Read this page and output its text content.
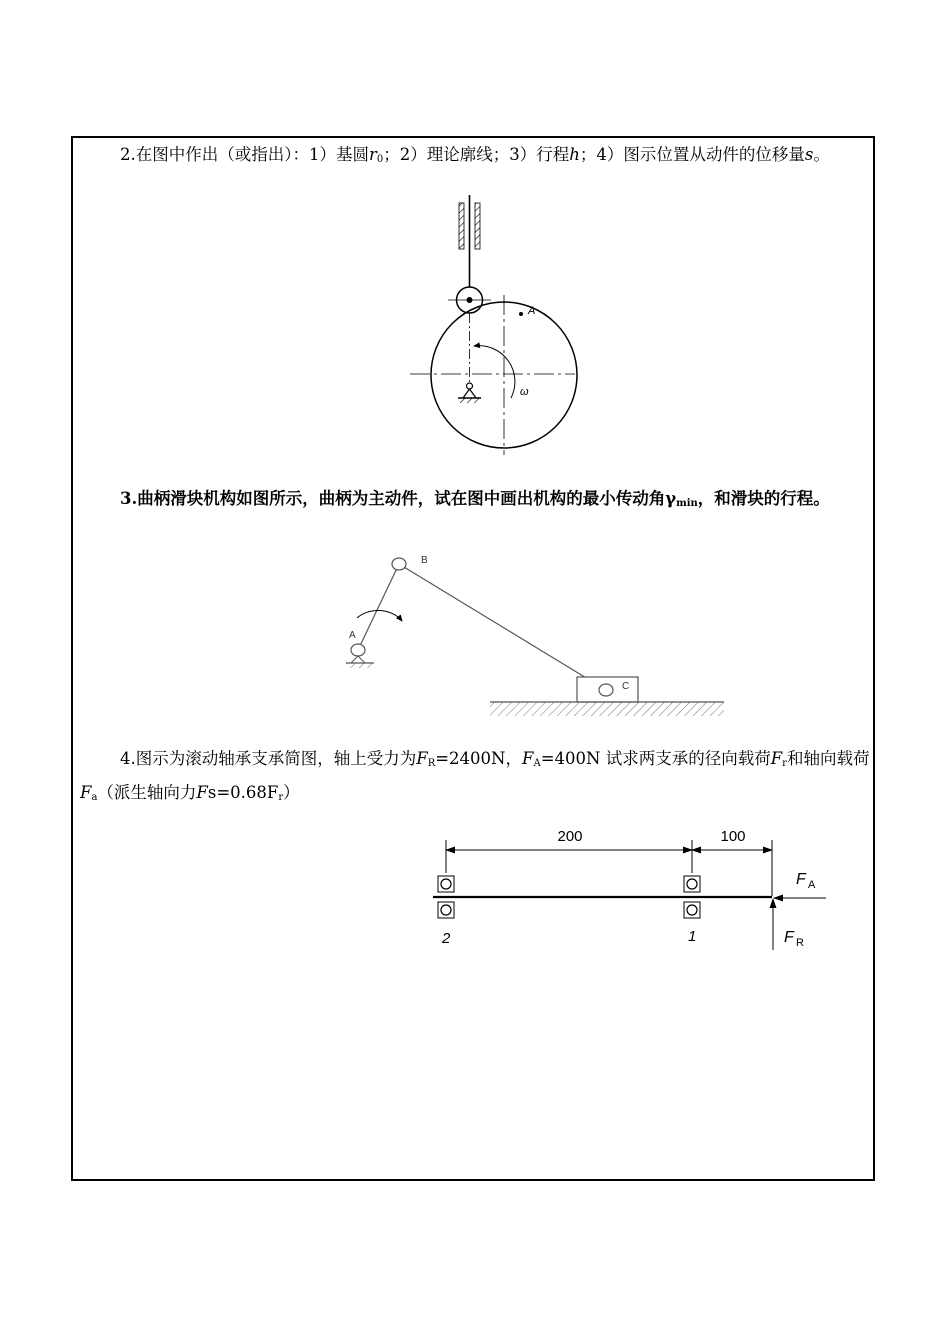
2.在图中作出（或指出）：1）基圆$r_0$；2）理论廓线；3）行程h；4）图示位置从动件的位移量s。
A
ω
3.曲柄滑块机构如图所示，曲柄为主动件，试在图中画出机构的最小传动角$\gamma_{min}$，和滑块的行程。
B
A
C
4.图示为滚动轴承支承简图，轴上受力为$F_R=2400N$，$F_A=400N$ 试求两支承的径向载荷$F_r$和轴向载荷$F_a$（派生轴向力$Fs=0.68F_r$）
200	100
2	1
F A
F R
